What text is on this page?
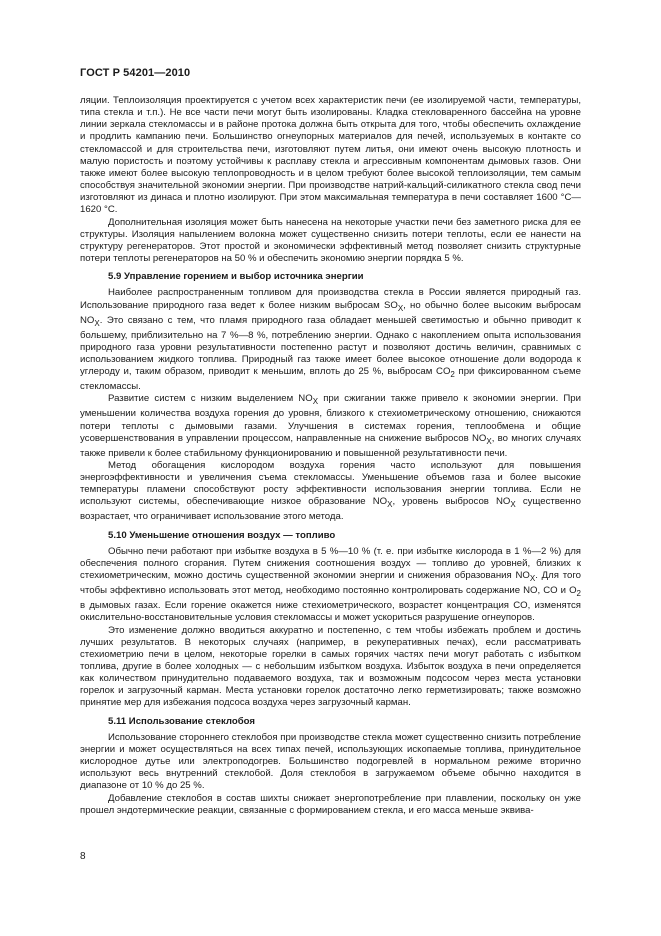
ГОСТ Р 54201—2010

ляции. Теплоизоляция проектируется с учетом всех характеристик печи (ее изолируемой части, температуры, типа стекла и т.п.). Не все части печи могут быть изолированы. Кладка стекловаренного бассейна на уровне линии зеркала стекломассы и в районе протока должна быть открыта для того, чтобы обеспечить охлаждение и продлить кампанию печи. Большинство огнеупорных материалов для печей, используемых в контакте со стекломассой и для строительства печи, изготовляют путем литья, они имеют очень высокую плотность и малую пористость и поэтому устойчивы к расплаву стекла и агрессивным компонентам дымовых газов. Они также имеют более высокую теплопроводность и в целом требуют более высокой теплоизоляции, тем самым способствуя значительной экономии энергии. При производстве натрий-кальций-силикатного стекла свод печи изготовляют из динаса и плотно изолируют. При этом максимальная температура в печи составляет 1600 °С—1620 °С.

Дополнительная изоляция может быть нанесена на некоторые участки печи без заметного риска для ее структуры. Изоляция напылением волокна может существенно снизить потери теплоты, если ее нанести на структуру регенераторов. Этот простой и экономически эффективный метод позволяет снизить структурные потери теплоты регенераторов на 50 % и обеспечить экономию энергии порядка 5 %.

5.9 Управление горением и выбор источника энергии

Наиболее распространенным топливом для производства стекла в России является природный газ. Использование природного газа ведет к более низким выбросам $SO_X$, но обычно более высоким выбросам $NO_X$. Это связано с тем, что пламя природного газа обладает меньшей светимостью и обычно приводит к большему, приблизительно на 7 %—8 %, потреблению энергии. Однако с накоплением опыта использования природного газа уровни результативности постепенно растут и позволяют достичь величин, сравнимых с использованием жидкого топлива. Природный газ также имеет более высокое отношение доли водорода к углероду и, таким образом, приводит к меньшим, вплоть до 25 %, выбросам $CO_2$ при фиксированном съеме стекломассы.

Развитие систем с низким выделением $NO_X$ при сжигании также привело к экономии энергии. При уменьшении количества воздуха горения до уровня, близкого к стехиометрическому отношению, снижаются потери теплоты с дымовыми газами. Улучшения в системах горения, теплообмена и общие усовершенствования в управлении процессом, направленные на снижение выбросов $NO_X$, во многих случаях также привели к более стабильному функционированию и повышенной результативности печи.

Метод обогащения кислородом воздуха горения часто используют для повышения энергоэффективности и увеличения съема стекломассы. Уменьшение объемов газа и более высокие температуры пламени способствуют росту эффективности использования энергии топлива. Если не используют системы, обеспечивающие низкое образование $NO_X$, уровень выбросов $NO_X$ существенно возрастает, что ограничивает использование этого метода.

5.10 Уменьшение отношения воздух — топливо

Обычно печи работают при избытке воздуха в 5 %—10 % (т. е. при избытке кислорода в 1 %—2 %) для обеспечения полного сгорания. Путем снижения соотношения воздух — топливо до уровней, близких к стехиометрическим, можно достичь существенной экономии энергии и снижения образования $NO_X$. Для того чтобы эффективно использовать этот метод, необходимо постоянно контролировать содержание NO, CO и $O_2$ в дымовых газах. Если горение окажется ниже стехиометрического, возрастет концентрация CO, изменятся окислительно-восстановительные условия стекломассы и может ускориться разрушение огнеупоров.

Это изменение должно вводиться аккуратно и постепенно, с тем чтобы избежать проблем и достичь лучших результатов. В некоторых случаях (например, в рекуперативных печах), если рассматривать стехиометрию печи в целом, некоторые горелки в самых горячих частях печи могут работать с избытком топлива, другие в более холодных — с небольшим избытком воздуха. Избыток воздуха в печи определяется как количеством принудительно подаваемого воздуха, так и возможным подсосом через места установки горелок и загрузочный карман. Места установки горелок достаточно легко герметизировать; также возможно принятие мер для избежания подсоса воздуха через загрузочный карман.

5.11 Использование стеклобоя

Использование стороннего стеклобоя при производстве стекла может существенно снизить потребление энергии и может осуществляться на всех типах печей, использующих ископаемые топлива, принудительное кислородное дутье или электроподогрев. Большинство подогревлей в нормальном режиме вторично используют весь внутренний стеклобой. Доля стеклобоя в загружаемом объеме обычно находится в диапазоне от 10 % до 25 %.

Добавление стеклобоя в состав шихты снижает энергопотребление при плавлении, поскольку он уже прошел эндотермические реакции, связанные с формированием стекла, и его масса меньше эквива-

8
